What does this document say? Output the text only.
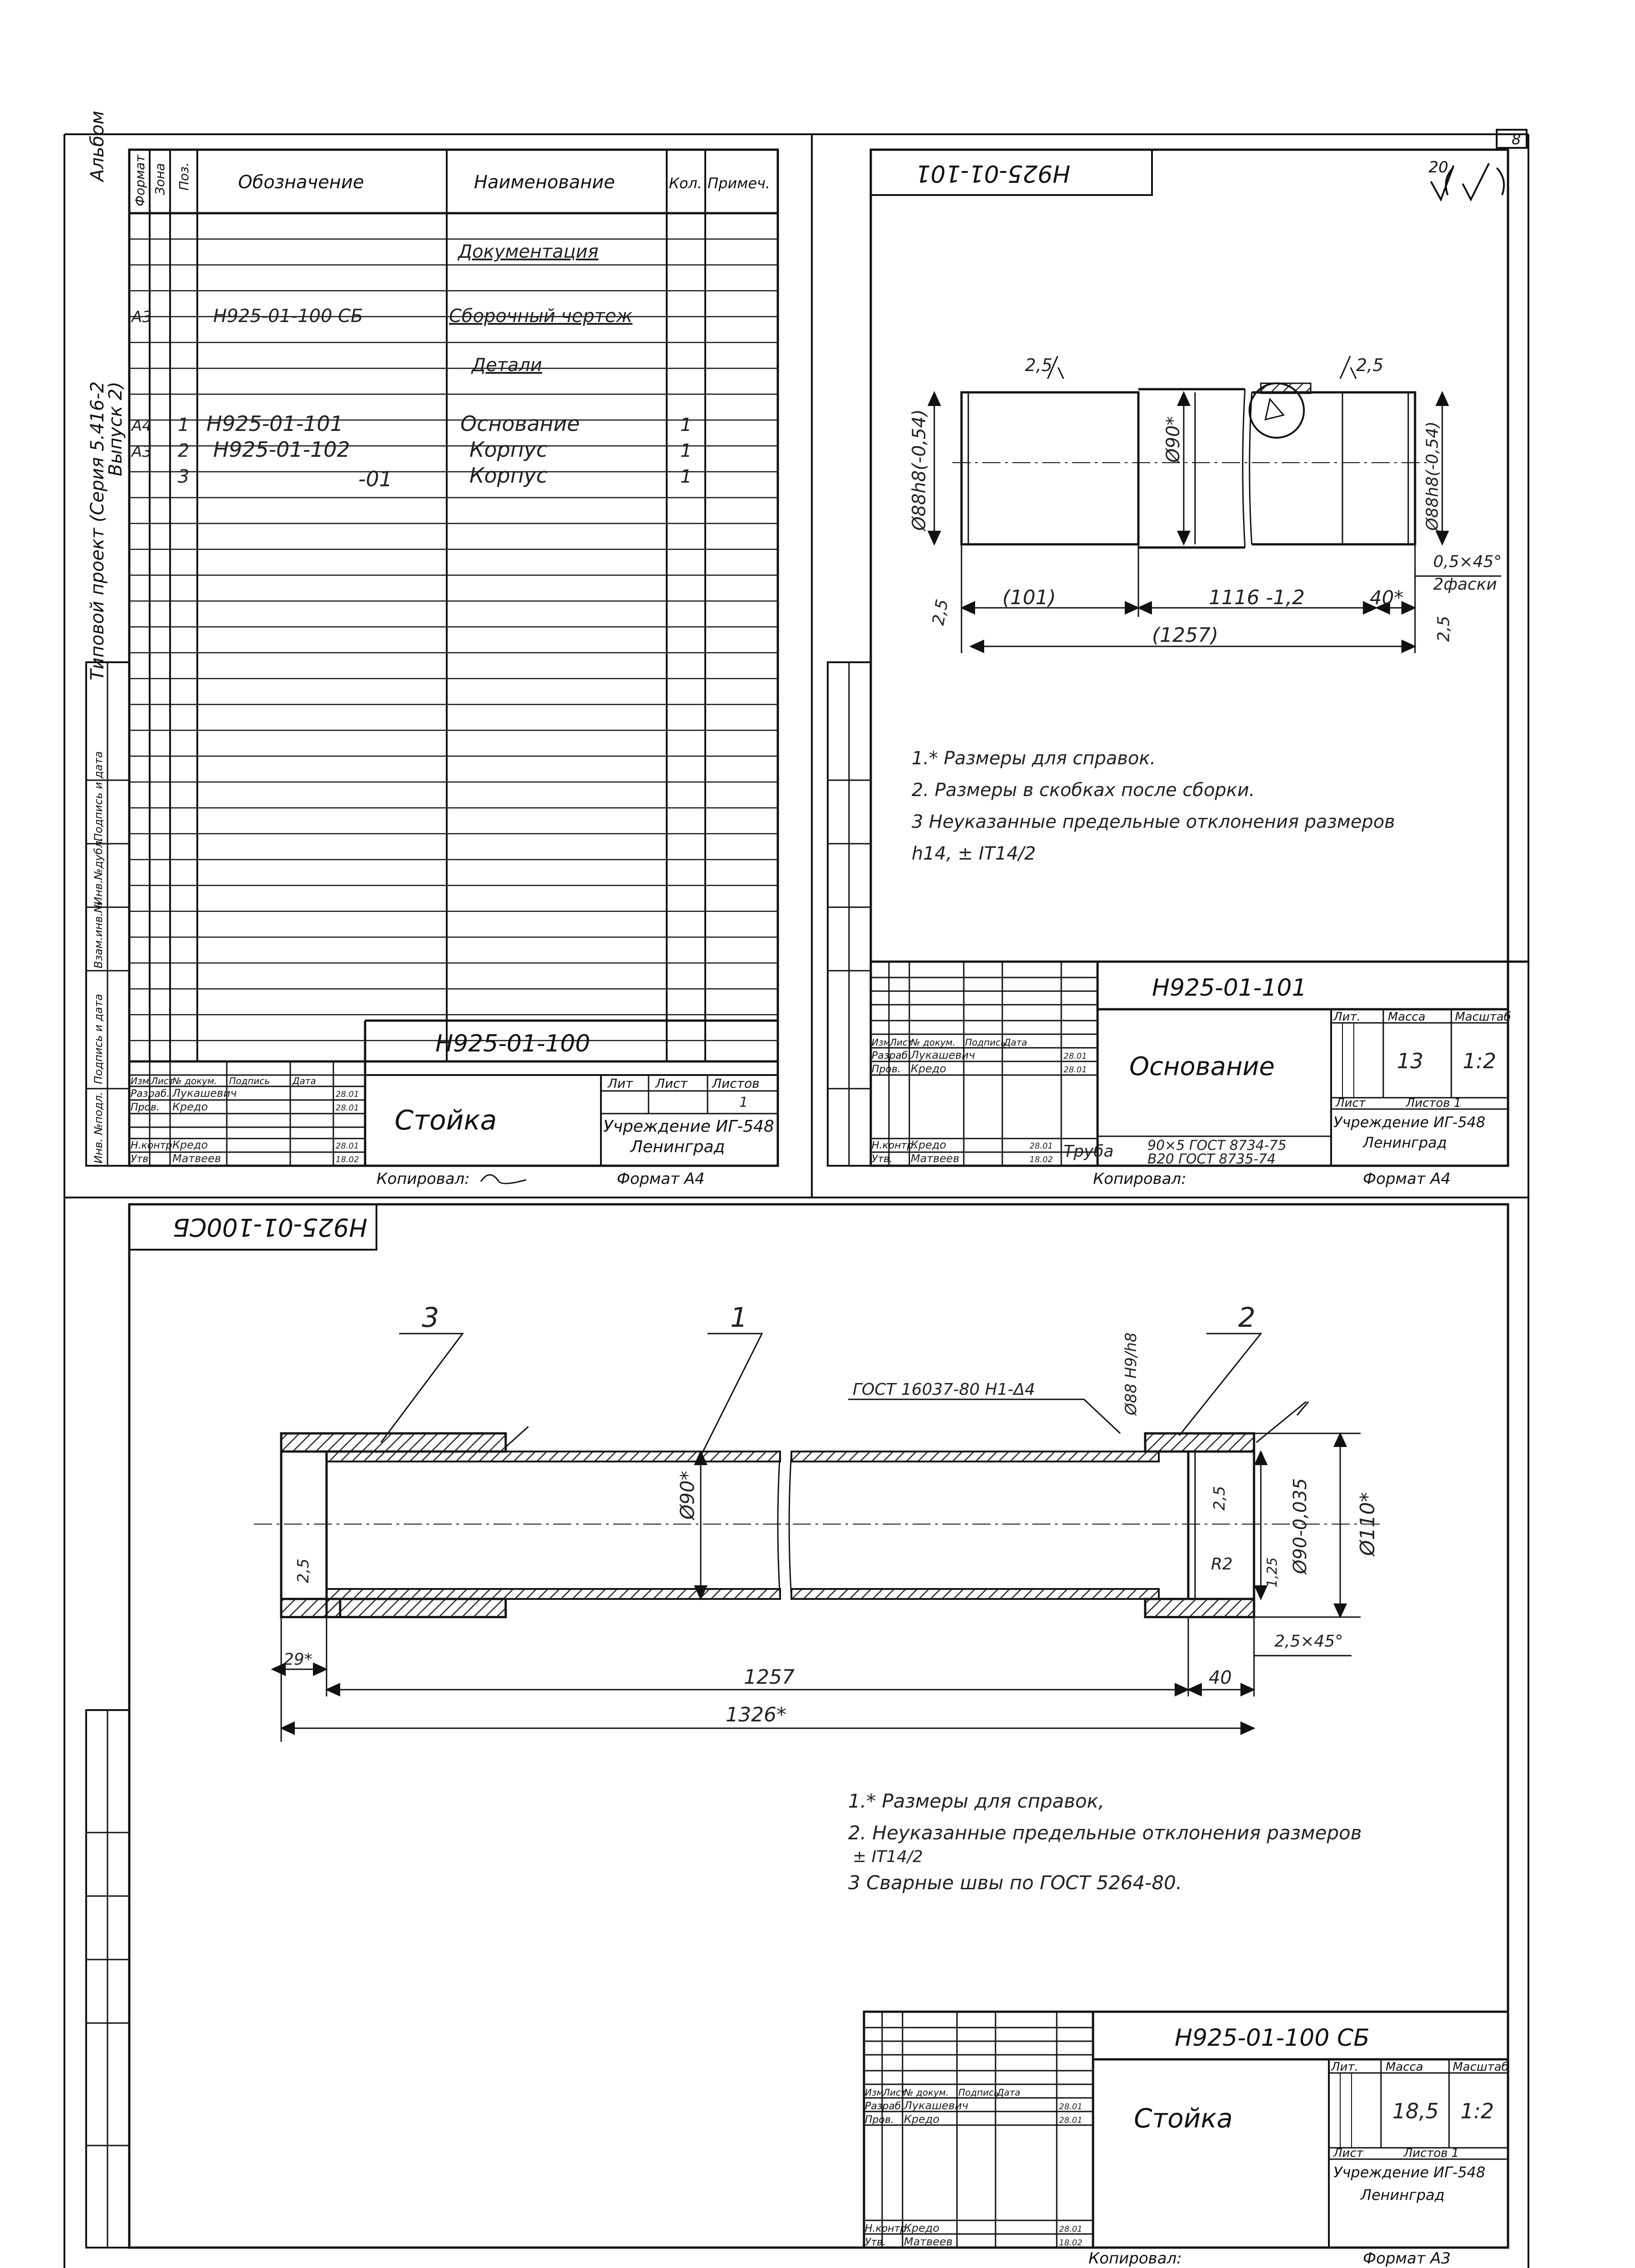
8
Альбом
Типовой проект (Серия 5.416-2
Выпуск 2)
Формат Зона Поз.	Обозначение	Наименование	Кол. Примеч.
Документация
А3	Н925-01-100 СБ	Сборочный чертеж
Детали
А4 1 Н925-01-101	Основание	1
А3 2 Н925-01-102	Корпус	1
3	-01	Корпус	1
Н925-01-100
Стойка
Лит Лист Листов
1
Учреждение ИГ-548
Ленинград
Изм Лист
№ докум. Подпись	Дата
Разраб. Лукашевич	28.01
Пров. Кредо	28.01
Н.контр.
Кредо	28.01
Утв. Матвеев	18.02
Копировал:	Формат А4
Н925-01-101	20
Ø88h8(-0,54)	Ø88h8(-0,54)
Ø90*
2,5	2,5
(101)	1116 -1,2	40*
(1257)
0,5×45°
2фаски
2,5
2,5
1.* Размеры для справок.
2. Размеры в скобках после сборки.
3 Неуказанные предельные отклонения размеров
h14, ± IT14/2
Н925-01-101
Основание
Лит. Масса	Масштаб
13 1:2
Лист	Листов 1
Учреждение ИГ-548
Ленинград
Труба 90×5 ГОСТ 8734-75
В20 ГОСТ 8735-74
Изм Лист
№ докум. Подпись
Дата
Разраб. Лукашевич	28.01
Пров. Кредо	28.01
Н.контр.
Кредо	28.01
Утв. Матвеев	18.02
Копировал:	Формат А4
Н925-01-100СБ
3	1	2
ГОСТ 16037-80 Н1-Δ4	Ø88 H9/h8
Ø90*	Ø90-0,035 Ø110*
2,5
R2 1,25
2,5
2,5×45°
29*
1257	40
1326*
1.* Размеры для справок,
2. Неуказанные предельные отклонения размеров
± IT14/2
3 Сварные швы по ГОСТ 5264-80.
Н925-01-100 СБ
Стойка
Лит. Масса	Масштаб
18,5 1:2
Лист	Листов 1
Учреждение ИГ-548
Ленинград
Изм Лист
№ докум. Подпись
Дата
Разраб. Лукашевич	28.01
Пров. Кредо	28.01
Н.контр.
Кредо	28.01
Утв. Матвеев	18.02
Копировал:	Формат А3
Инв. №подл.
Подпись и дата
Взам.инв.№
Инв.№дубл.
Подпись и дата
